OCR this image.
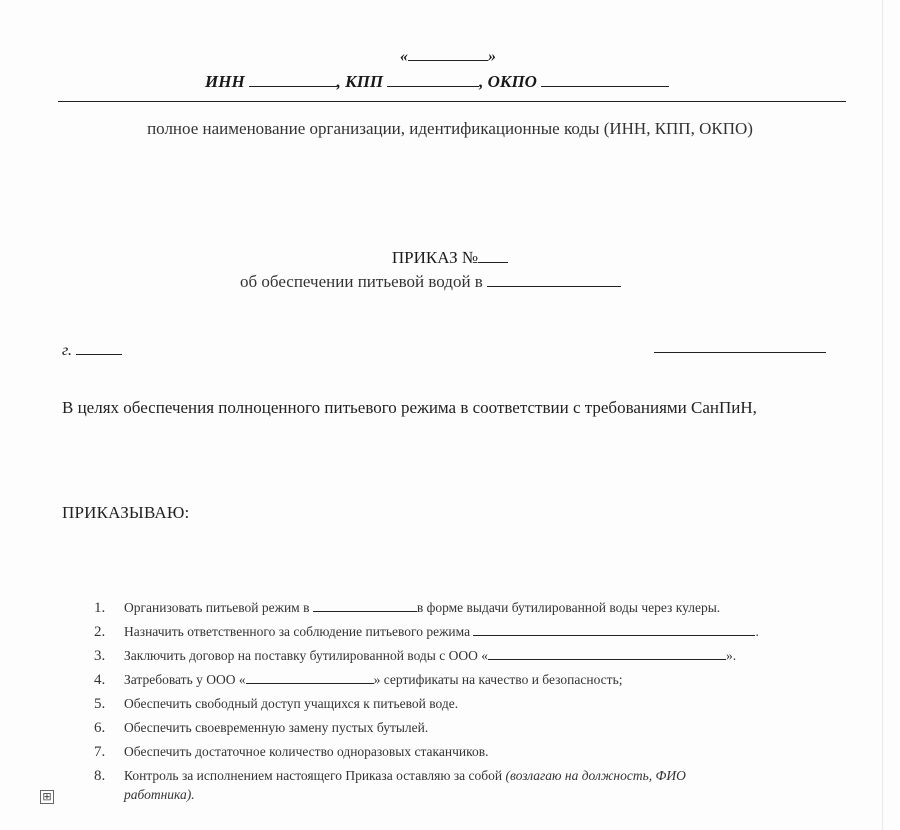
«	»
ИНН	, КПП	, ОКПО
полное наименование организации, идентификационные коды (ИНН, КПП, ОКПО)
ПРИКАЗ №
об обеспечении питьевой водой в
г.
В целях обеспечения полноценного питьевого режима в соответствии с требованиями СанПиН,
ПРИКАЗЫВАЮ:
1. Организовать питьевой режим в	в форме выдачи бутилированной воды через кулеры.
2. Назначить ответственного за соблюдение питьевого режима	.
3. Заключить договор на поставку бутилированной воды с ООО «	».
4. Затребовать у ООО «	» сертификаты на качество и безопасность;
5. Обеспечить свободный доступ учащихся к питьевой воде.
6. Обеспечить своевременную замену пустых бутылей.
7. Обеспечить достаточное количество одноразовых стаканчиков.
8. Контроль за исполнением настоящего Приказа оставляю за собой (возлагаю на должность, ФИО
работника).
⊞
